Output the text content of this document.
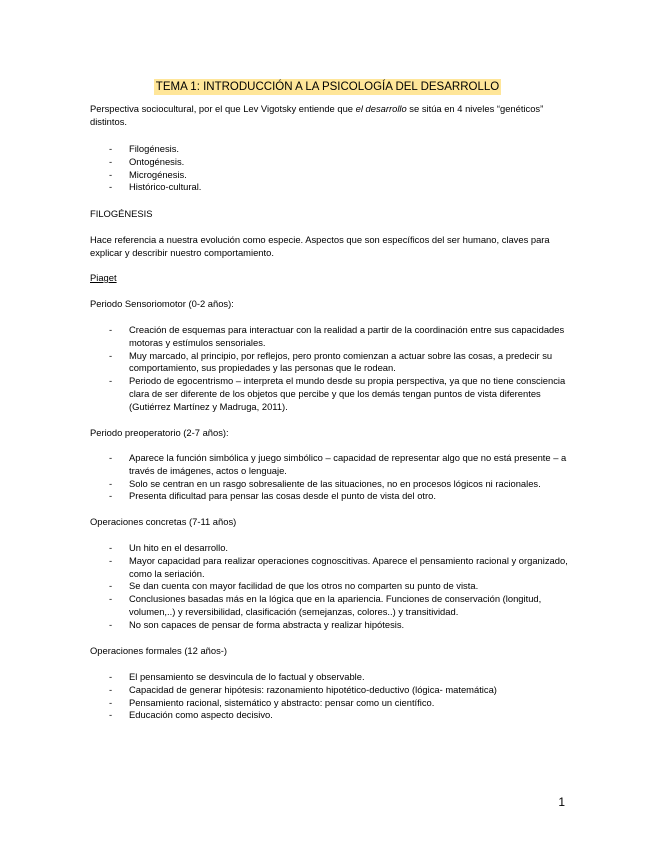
TEMA 1: INTRODUCCIÓN A LA PSICOLOGÍA DEL DESARROLLO

Perspectiva sociocultural, por el que Lev Vigotsky entiende que el desarrollo se sitúa en 4 niveles “genéticos” distintos.

- Filogénesis.
- Ontogénesis.
- Microgénesis.
- Histórico-cultural.

FILOGÉNESIS

Hace referencia a nuestra evolución como especie. Aspectos que son específicos del ser humano, claves para explicar y describir nuestro comportamiento.

Piaget

Periodo Sensoriomotor (0-2 años):

- Creación de esquemas para interactuar con la realidad a partir de la coordinación entre sus capacidades motoras y estímulos sensoriales.
- Muy marcado, al principio, por reflejos, pero pronto comienzan a actuar sobre las cosas, a predecir su comportamiento, sus propiedades y las personas que le rodean.
- Periodo de egocentrismo – interpreta el mundo desde su propia perspectiva, ya que no tiene consciencia clara de ser diferente de los objetos que percibe y que los demás tengan puntos de vista diferentes (Gutiérrez Martínez y Madruga, 2011).

Periodo preoperatorio (2-7 años):

- Aparece la función simbólica y juego simbólico – capacidad de representar algo que no está presente – a través de imágenes, actos o lenguaje.
- Solo se centran en un rasgo sobresaliente de las situaciones, no en procesos lógicos ni racionales.
- Presenta dificultad para pensar las cosas desde el punto de vista del otro.

Operaciones concretas (7-11 años)

- Un hito en el desarrollo.
- Mayor capacidad para realizar operaciones cognoscitivas. Aparece el pensamiento racional y organizado, como la seriación.
- Se dan cuenta con mayor facilidad de que los otros no comparten su punto de vista.
- Conclusiones basadas más en la lógica que en la apariencia. Funciones de conservación (longitud, volumen,..) y reversibilidad, clasificación (semejanzas, colores..) y transitividad.
- No son capaces de pensar de forma abstracta y realizar hipótesis.

Operaciones formales (12 años-)

- El pensamiento se desvincula de lo factual y observable.
- Capacidad de generar hipótesis: razonamiento hipotético-deductivo (lógica- matemática)
- Pensamiento racional, sistemático y abstracto: pensar como un científico.
- Educación como aspecto decisivo.
1
